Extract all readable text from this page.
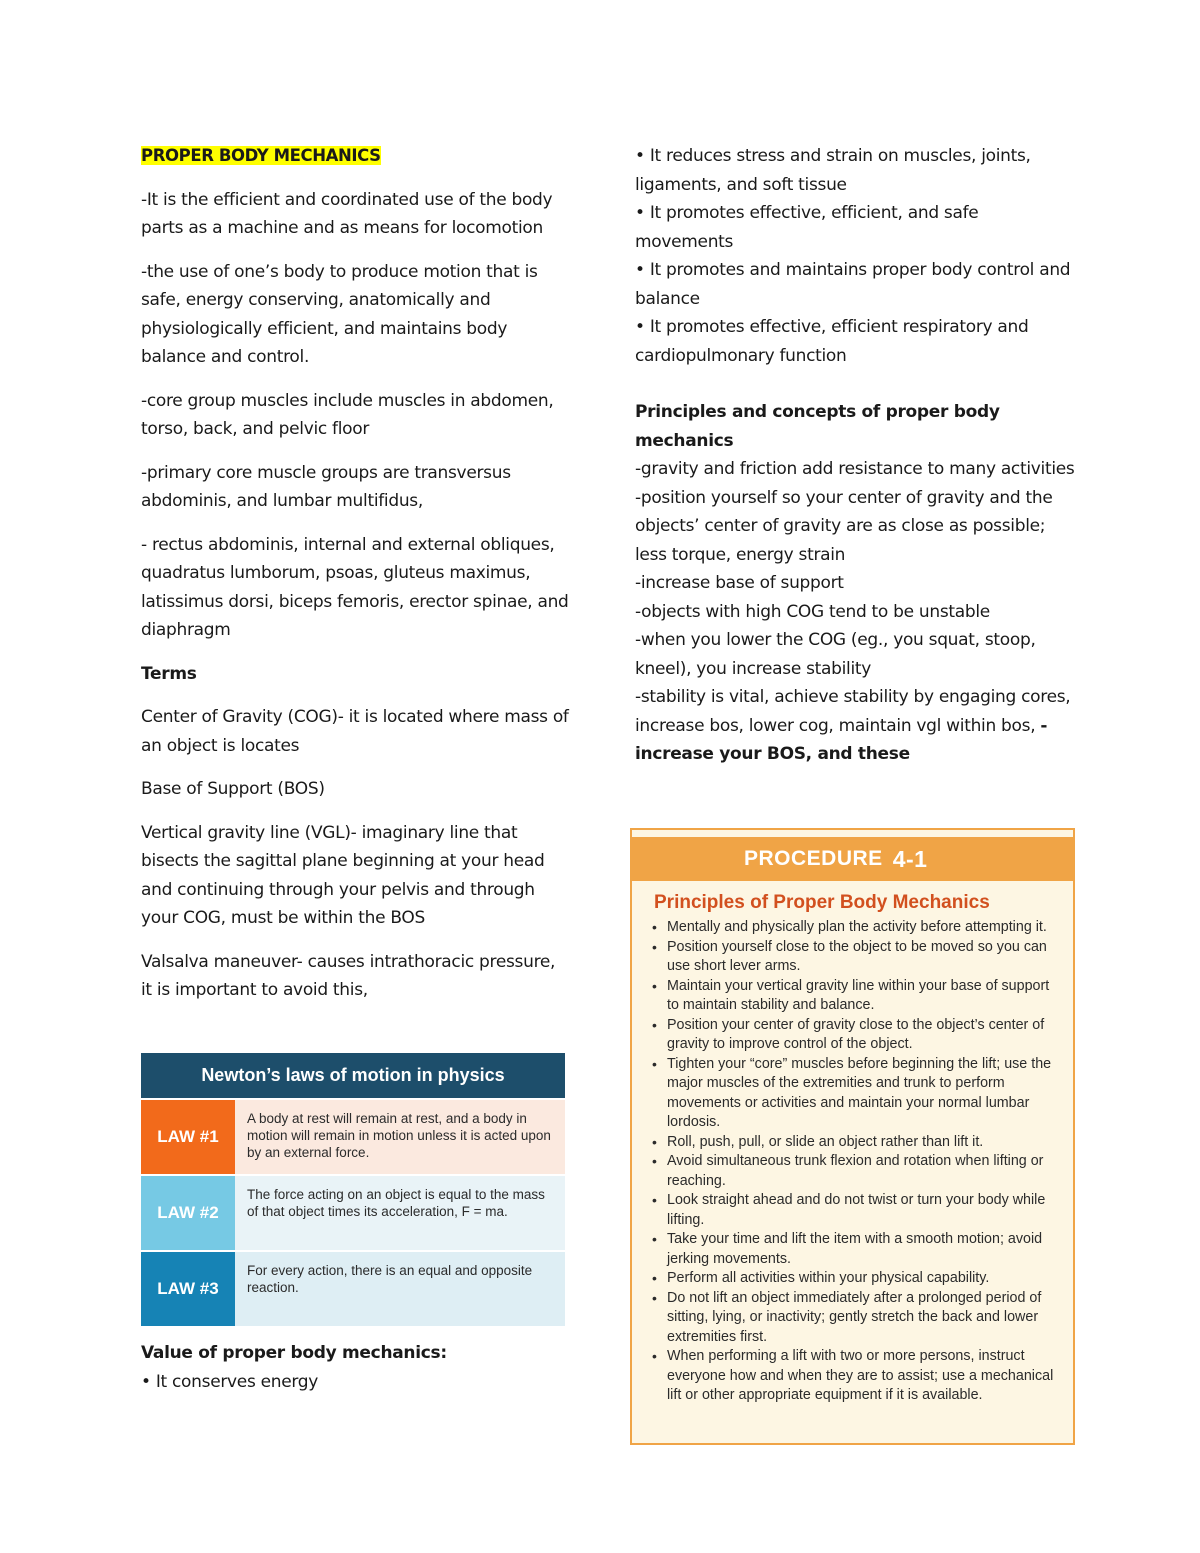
PROPER BODY MECHANICS

-It is the efficient and coordinated use of the body parts as a machine and as means for locomotion

-the use of one’s body to produce motion that is safe, energy conserving, anatomically and physiologically efficient, and maintains body balance and control.

-core group muscles include muscles in abdomen, torso, back, and pelvic floor

-primary core muscle groups are transversus abdominis, and lumbar multifidus,

- rectus abdominis, internal and external obliques, quadratus lumborum, psoas, gluteus maximus, latissimus dorsi, biceps femoris, erector spinae, and diaphragm

Terms

Center of Gravity (COG)- it is located where mass of an object is locates

Base of Support (BOS)

Vertical gravity line (VGL)- imaginary line that bisects the sagittal plane beginning at your head and continuing through your pelvis and through your COG, must be within the BOS

Valsalva maneuver- causes intrathoracic pressure, it is important to avoid this,

Newton’s laws of motion in physics
LAW #1
A body at rest will remain at rest, and a body in motion will remain in motion unless it is acted upon by an external force.
LAW #2
The force acting on an object is equal to the mass of that object times its acceleration, F = ma.
LAW #3
For every action, there is an equal and opposite reaction.

Value of proper body mechanics:

• It conserves energy

• It reduces stress and strain on muscles, joints, ligaments, and soft tissue

• It promotes effective, efficient, and safe movements

• It promotes and maintains proper body control and balance

• It promotes effective, efficient respiratory and cardiopulmonary function

Principles and concepts of proper body mechanics

-gravity and friction add resistance to many activities

-position yourself so your center of gravity and the objects’ center of gravity are as close as possible; less torque, energy strain

-increase base of support

-objects with high COG tend to be unstable

-when you lower the COG (eg., you squat, stoop, kneel), you increase stability

-stability is vital, achieve stability by engaging cores, increase bos, lower cog, maintain vgl within bos, -increase your BOS, and these

PROCEDURE 4-1
Principles of Proper Body Mechanics
• Mentally and physically plan the activity before attempting it.
• Position yourself close to the object to be moved so you can use short lever arms.
• Maintain your vertical gravity line within your base of support to maintain stability and balance.
• Position your center of gravity close to the object’s center of gravity to improve control of the object.
• Tighten your “core” muscles before beginning the lift; use the major muscles of the extremities and trunk to perform movements or activities and maintain your normal lumbar lordosis.
• Roll, push, pull, or slide an object rather than lift it.
• Avoid simultaneous trunk flexion and rotation when lifting or reaching.
• Look straight ahead and do not twist or turn your body while lifting.
• Take your time and lift the item with a smooth motion; avoid jerking movements.
• Perform all activities within your physical capability.
• Do not lift an object immediately after a prolonged period of sitting, lying, or inactivity; gently stretch the back and lower extremities first.
• When performing a lift with two or more persons, instruct everyone how and when they are to assist; use a mechanical lift or other appropriate equipment if it is available.
